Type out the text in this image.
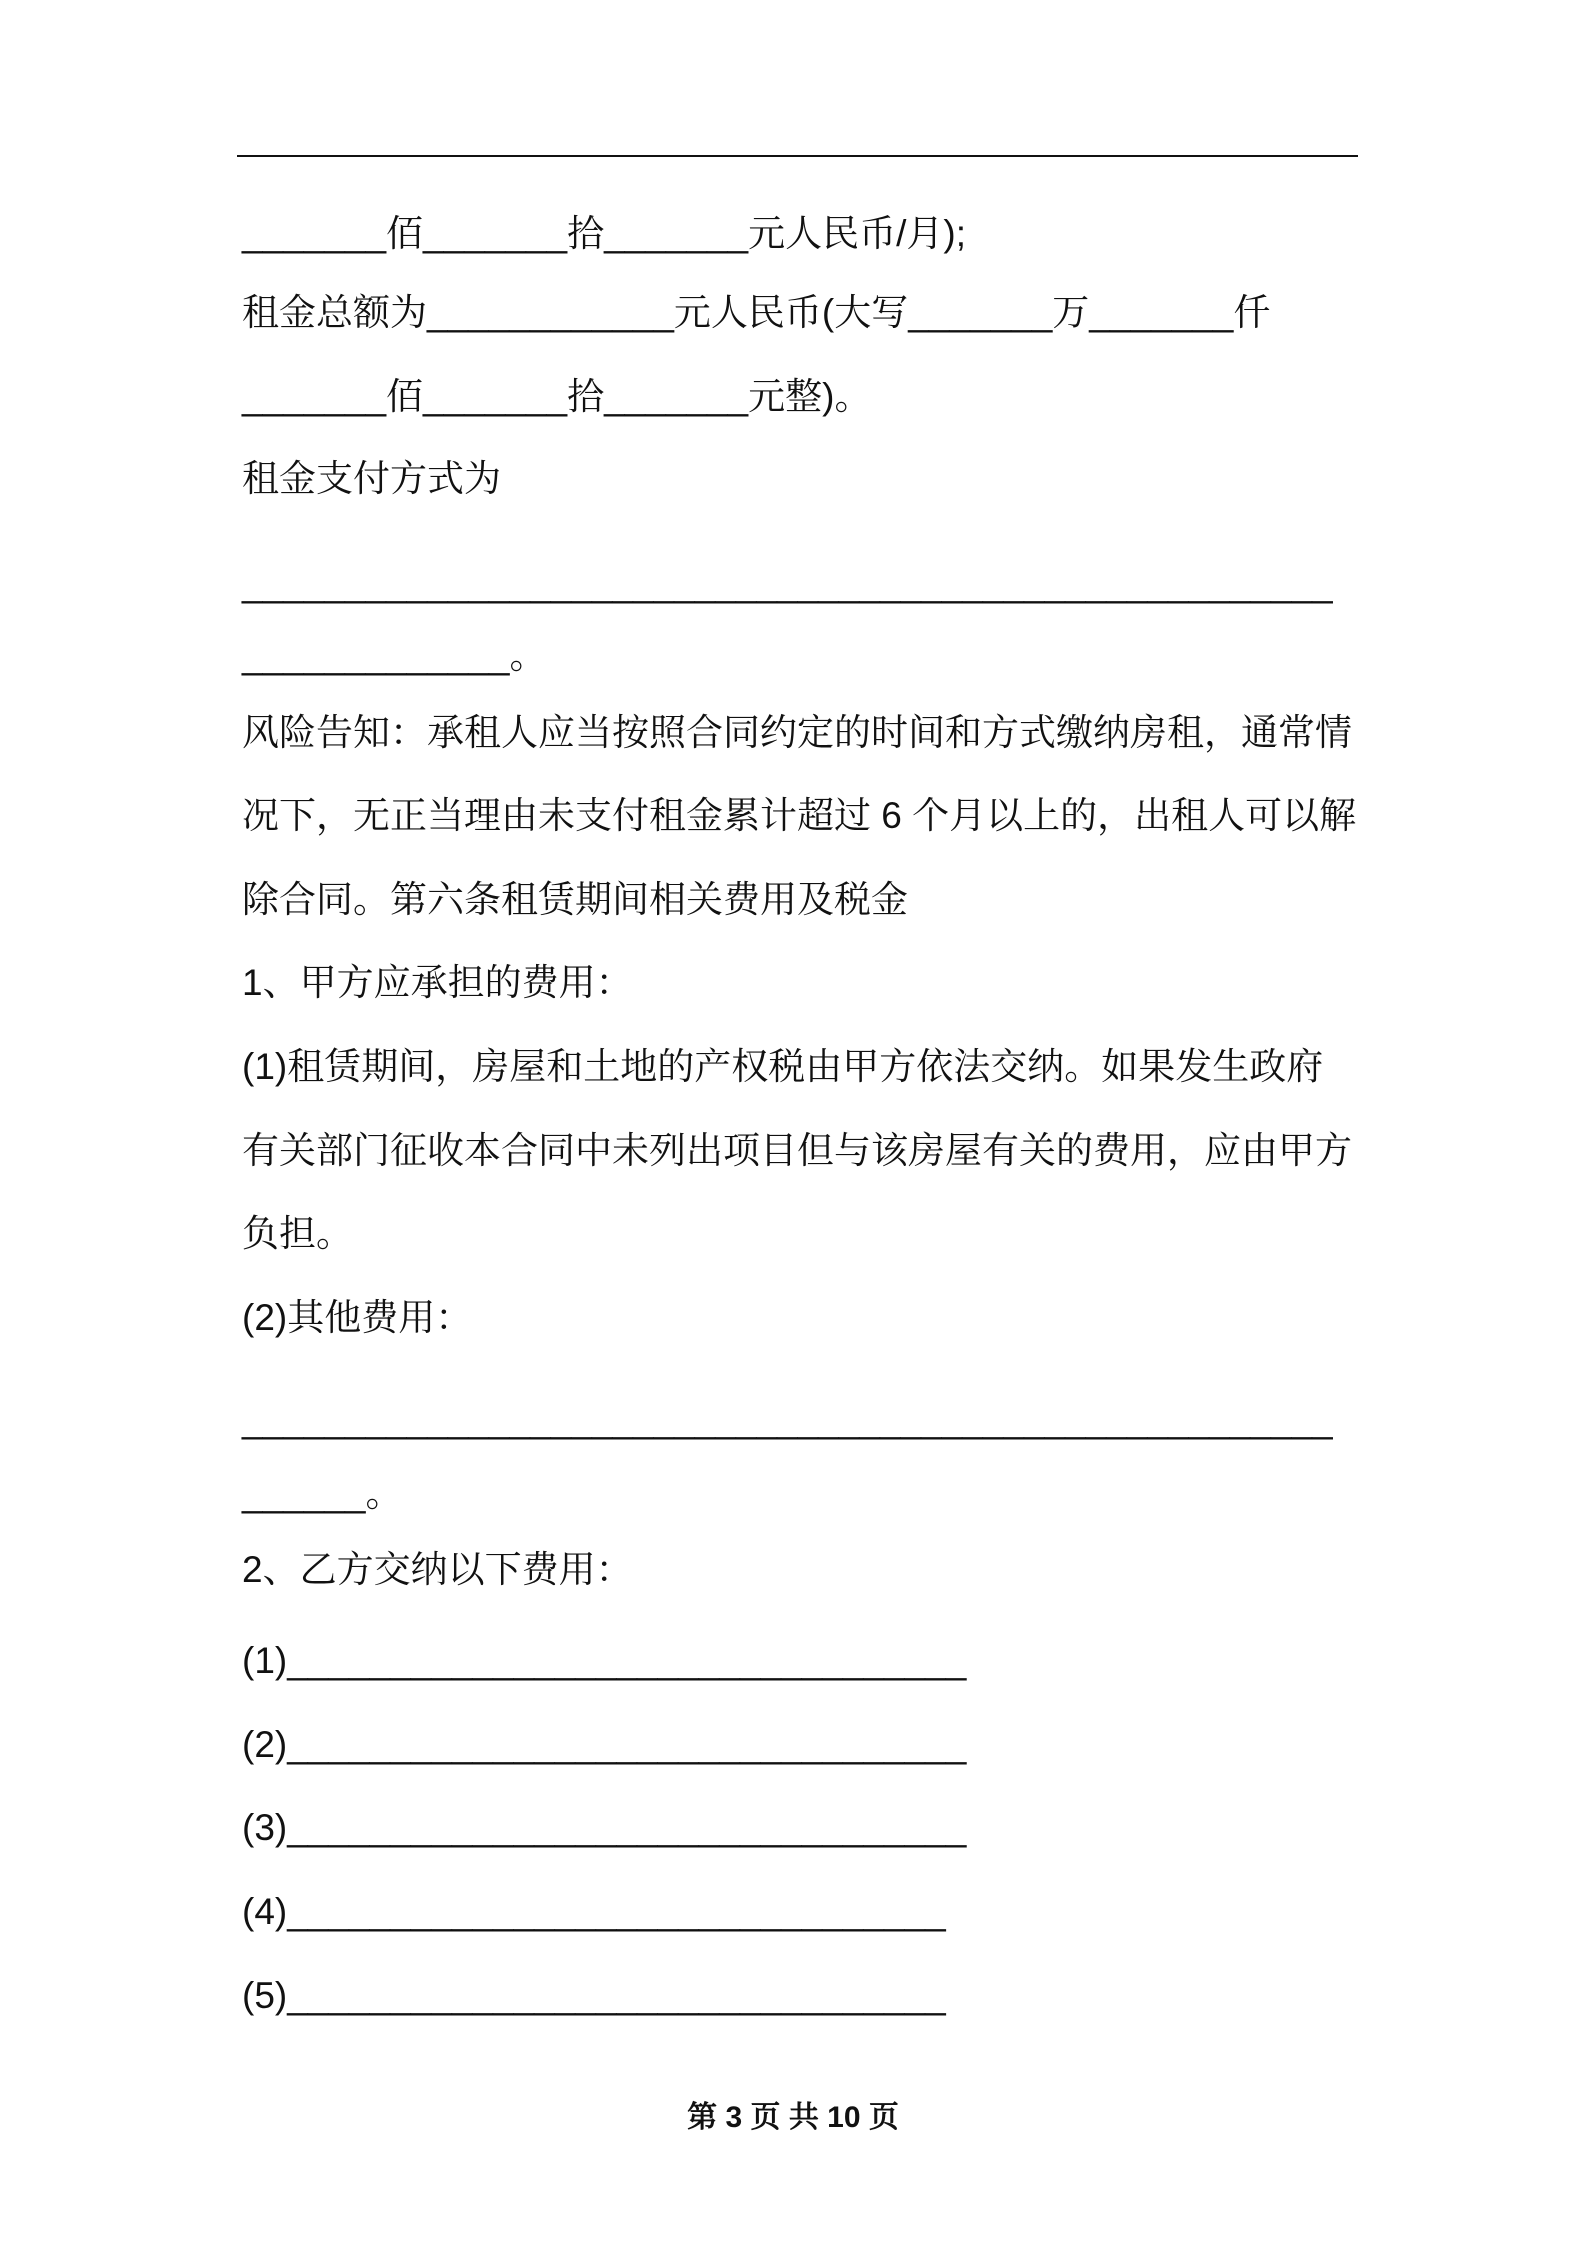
_______佰_______拾_______元人民币/月);
租金总额为____________元人民币(大写_______万_______仟
_______佰_______拾_______元整)。
租金支付方式为
_____________________________________________________
_____________。
风险告知：承租人应当按照合同约定的时间和方式缴纳房租，通常情
况下，无正当理由未支付租金累计超过 6 个月以上的，出租人可以解
除合同。第六条租赁期间相关费用及税金
1、甲方应承担的费用：
(1)租赁期间，房屋和土地的产权税由甲方依法交纳。如果发生政府
有关部门征收本合同中未列出项目但与该房屋有关的费用，应由甲方
负担。
(2)其他费用：
_____________________________________________________
______。
2、乙方交纳以下费用：
(1)_________________________________
(2)_________________________________
(3)_________________________________
(4)________________________________
(5)________________________________
第 3 页 共 10 页
